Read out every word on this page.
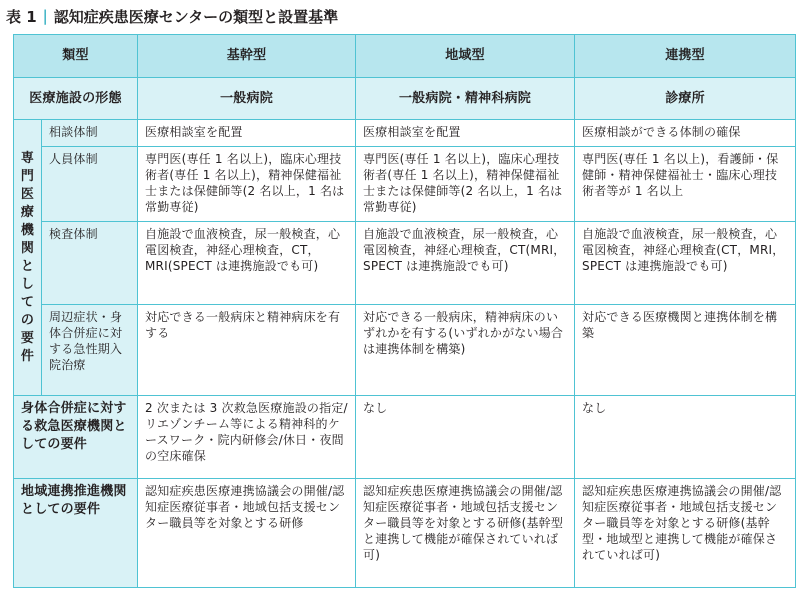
表 1 | 認知症疾患医療センターの類型と設置基準
類型		基幹型	地域型	連携型
医療施設の形態		一般病院	一般病院・精神科病院	診療所

専門医療機関としての要件	相談体制	医療相談室を配置	医療相談室を配置	医療相談ができる体制の確保
	人員体制	専門医(専任 1 名以上)，臨床心理技術者(専任 1 名以上)，精神保健福祉士または保健師等(2 名以上，1 名は常勤専従)	専門医(専任 1 名以上)，臨床心理技術者(専任 1 名以上)，精神保健福祉士または保健師等(2 名以上，1 名は常勤専従)	専門医(専任 1 名以上)，看護師・保健師・精神保健福祉士・臨床心理技術者等が 1 名以上
	検査体制	自施設で血液検査，尿一般検査，心電図検査，神経心理検査，CT，MRI(SPECT は連携施設でも可)	自施設で血液検査，尿一般検査，心電図検査，神経心理検査，CT(MRI，SPECT は連携施設でも可)	自施設で血液検査，尿一般検査，心電図検査，神経心理検査(CT，MRI，SPECT は連携施設でも可)
	周辺症状・身体合併症に対する急性期入院治療	対応できる一般病床と精神病床を有する	対応できる一般病床，精神病床のいずれかを有する(いずれかがない場合は連携体制を構築)	対応できる医療機関と連携体制を構築
身体合併症に対する救急医療機関としての要件		2 次または 3 次救急医療施設の指定/リエゾンチーム等による精神科的ケースワーク・院内研修会/休日・夜間の空床確保	なし	なし
地域連携推進機関としての要件		認知症疾患医療連携協議会の開催/認知症医療従事者・地域包括支援センター職員等を対象とする研修	認知症疾患医療連携協議会の開催/認知症医療従事者・地域包括支援センター職員等を対象とする研修(基幹型と連携して機能が確保されていれば可)	認知症疾患医療連携協議会の開催/認知症医療従事者・地域包括支援センター職員等を対象とする研修(基幹型・地域型と連携して機能が確保されていれば可)
